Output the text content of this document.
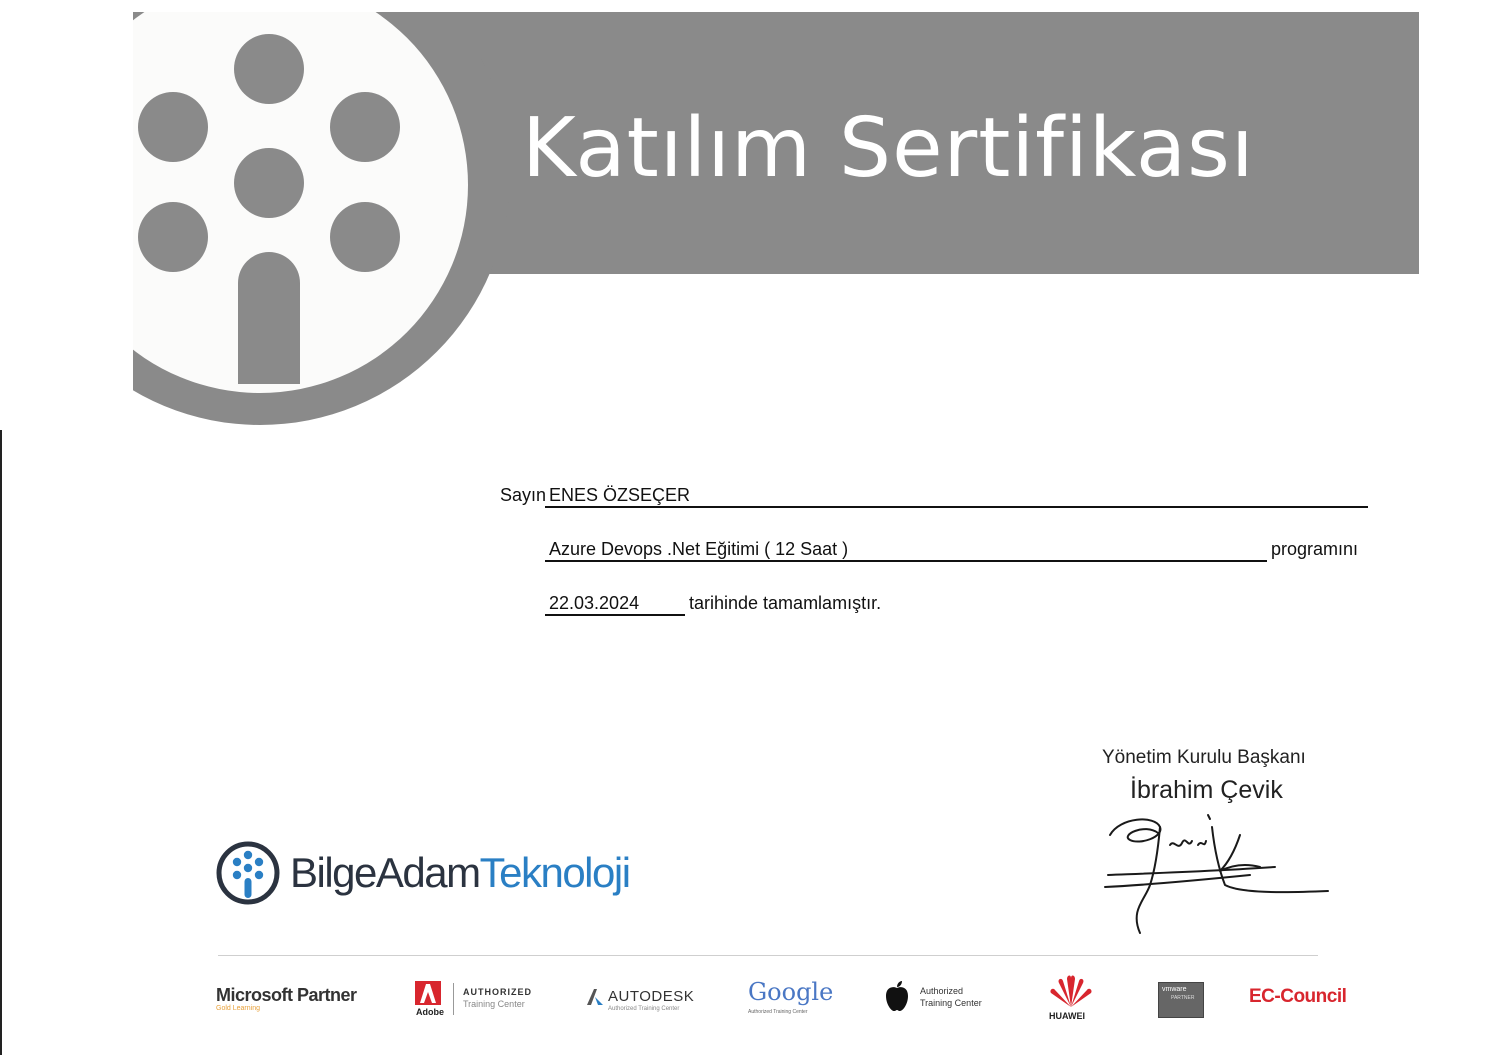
Katılım Sertifikası
Sayın ENES ÖZSEÇER
Azure Devops .Net Eğitimi ( 12 Saat )	programını
22.03.2024	tarihinde tamamlamıştır.
Yönetim Kurulu Başkanı
İbrahim Çevik
BilgeAdamTeknoloji
Microsoft Partner
Gold Learning	Adobe
AUTHORIZED
Training Center	AUTODESK
Authorized Training Center
Google
Authorized Training Center
Authorized
Training Center
HUAWEI
vmware
PARTNER	EC-Council
